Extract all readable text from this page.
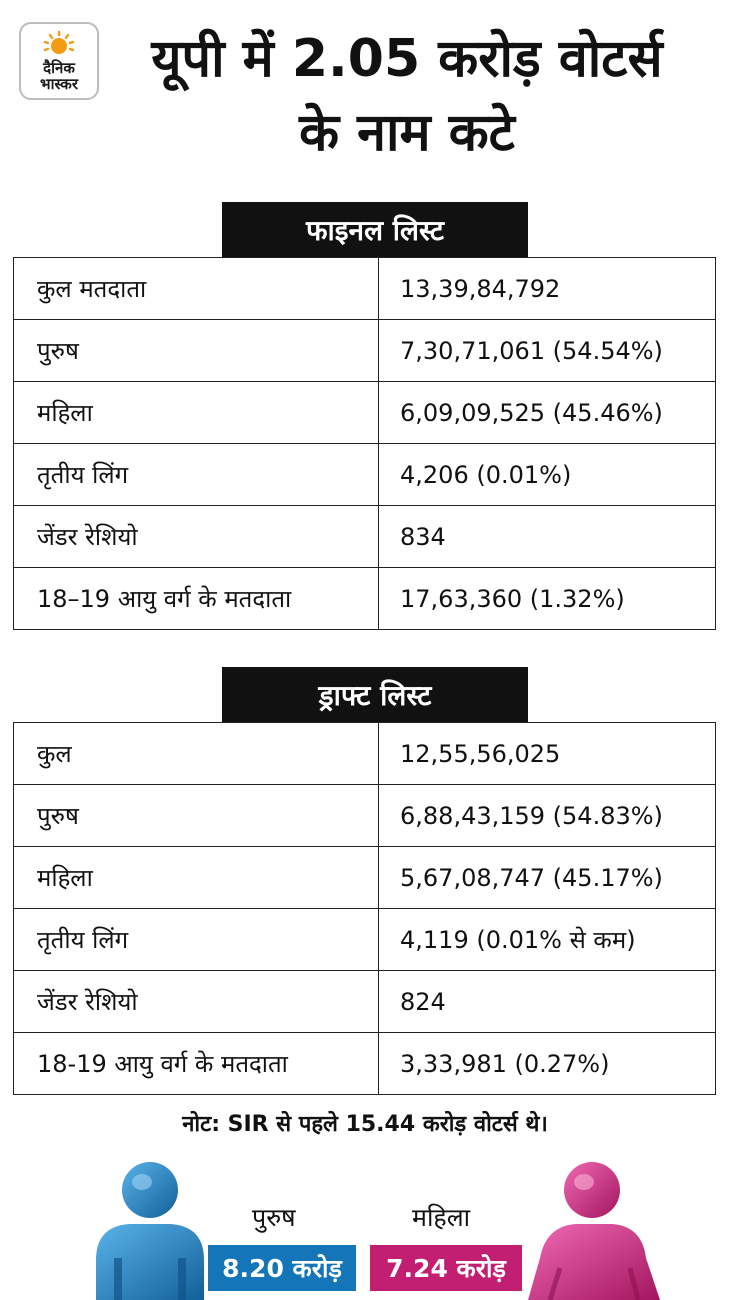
दैनिक
भास्कर	यूपी में 2.05 करोड़ वोटर्स
के नाम कटे
फाइनल लिस्ट
कुल मतदाता	13,39,84,792
पुरुष	7,30,71,061 (54.54%)
महिला	6,09,09,525 (45.46%)
तृतीय लिंग	4,206 (0.01%)
जेंडर रेशियो	834
18–19 आयु वर्ग के मतदाता	17,63,360 (1.32%)
ड्राफ्ट लिस्ट
कुल	12,55,56,025
पुरुष	6,88,43,159 (54.83%)
महिला	5,67,08,747 (45.17%)
तृतीय लिंग	4,119 (0.01% से कम)
जेंडर रेशियो	824
18-19 आयु वर्ग के मतदाता	3,33,981 (0.27%)
नोट: SIR से पहले 15.44 करोड़ वोटर्स थे।
पुरुष
8.20 करोड़
महिला
7.24 करोड़
